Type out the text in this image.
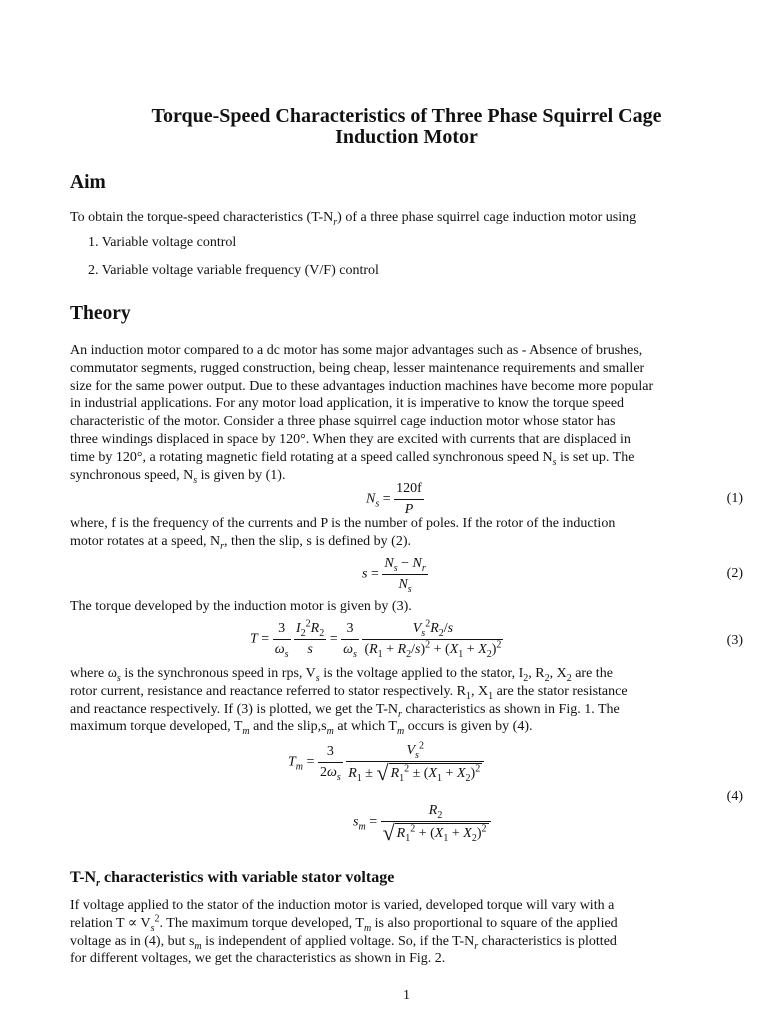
Torque-Speed Characteristics of Three Phase Squirrel Cage
Induction Motor
Aim
To obtain the torque-speed characteristics $(T-N_r)$ of a three phase squirrel cage induction motor using
1. Variable voltage control
2. Variable voltage variable frequency (V/F) control
Theory

An induction motor compared to a dc motor has some major advantages such as - Absence of brushes,

commutator segments, rugged construction, being cheap, lesser maintenance requirements and smaller

size for the same power output. Due to these advantages induction machines have become more popular

in industrial applications. For any motor load application, it is imperative to know the torque speed

characteristic of the motor. Consider a three phase squirrel cage induction motor whose stator has

three windings displaced in space by 120°. When they are excited with currents that are displaced in

time by 120°, a rotating magnetic field rotating at a speed called synchronous speed $N_s$ is set up. The

synchronous speed, $N_s$ is given by (1).

$N_s = \frac{120f}{P}$	(1)

where, f is the frequency of the currents and P is the number of poles. If the rotor of the induction

motor rotates at a speed, $N_r$, then the slip, s is defined by (2).

$s = \frac{N_s - N_r}{N_s}$	(2)
The torque developed by the induction motor is given by (3).
$T = \frac{3}{\omega_s}$
$\frac{I_2^2R_2}{s} = \frac{3}{\omega_s}$
$\frac{V_s^2R_2/s}{(R_1 + R_2/s)^2 + (X_1 + X_2)^2}$	(3)

where $\omega_s$ is the synchronous speed in rps, $V_s$ is the voltage applied to the stator, $I_2$, $R_2$, $X_2$ are the

rotor current, resistance and reactance referred to stator respectively. $R_1$, $X_1$ are the stator resistance

and reactance respectively. If (3) is plotted, we get the $T-N_r$ characteristics as shown in Fig. 1. The

maximum torque developed, $T_m$ and the $slip,s_m$ at which $T_m$ occurs is given by (4).

$T_m = \frac{3}{2\omega_s}$
$\frac{V_s^2}{R_1 \pm √ R_1^2 \pm (X_1 + X_2)^2}$
$s_m = \frac{R_2}{√ R_1^2 + (X_1 + X_2)^2}$
(4)
$T-N_r$ characteristics with variable stator voltage

If voltage applied to the stator of the induction motor is varied, developed torque will vary with a

relation $T \propto V_s^2$. The maximum torque developed, $T_m$ is also proportional to square of the applied

voltage as in (4), but $s_m$ is independent of applied voltage. So, if the $T-N_r$ characteristics is plotted

for different voltages, we get the characteristics as shown in Fig. 2.

1
